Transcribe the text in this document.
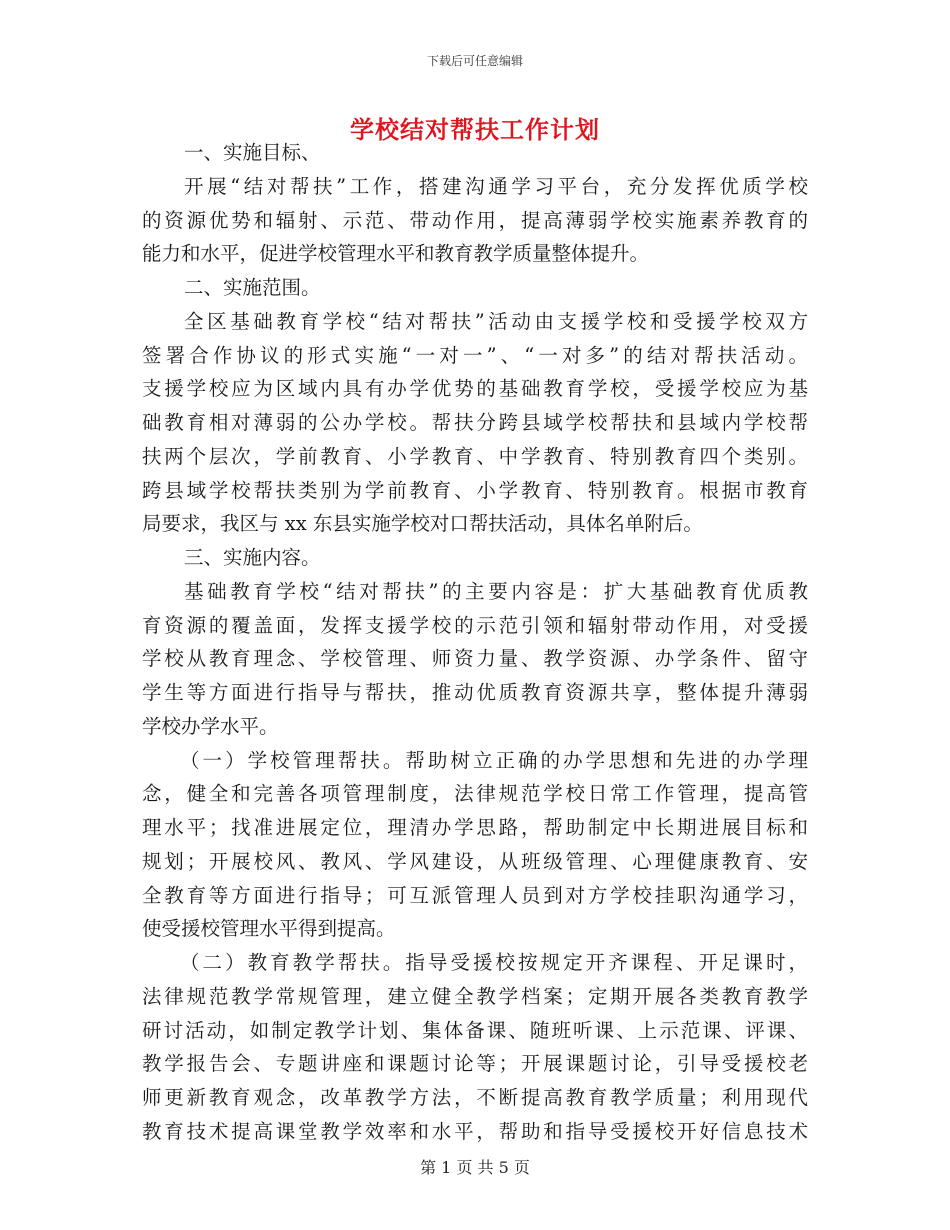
下载后可任意编辑
学校结对帮扶工作计划
一、实施目标、
开展“结对帮扶”工作，搭建沟通学习平台，充分发挥优质学校
的资源优势和辐射、示范、带动作用，提高薄弱学校实施素养教育的
能力和水平，促进学校管理水平和教育教学质量整体提升。
二、实施范围。
全区基础教育学校“结对帮扶”活动由支援学校和受援学校双方
签署合作协议的形式实施“一对一”、“一对多”的结对帮扶活动。
支援学校应为区域内具有办学优势的基础教育学校，受援学校应为基
础教育相对薄弱的公办学校。帮扶分跨县域学校帮扶和县域内学校帮
扶两个层次，学前教育、小学教育、中学教育、特别教育四个类别。
跨县域学校帮扶类别为学前教育、小学教育、特别教育。根据市教育
局要求，我区与 xx 东县实施学校对口帮扶活动，具体名单附后。
三、实施内容。
基础教育学校“结对帮扶”的主要内容是：扩大基础教育优质教
育资源的覆盖面，发挥支援学校的示范引领和辐射带动作用，对受援
学校从教育理念、学校管理、师资力量、教学资源、办学条件、留守
学生等方面进行指导与帮扶，推动优质教育资源共享，整体提升薄弱
学校办学水平。
（一）学校管理帮扶。帮助树立正确的办学思想和先进的办学理
念，健全和完善各项管理制度，法律规范学校日常工作管理，提高管
理水平；找准进展定位，理清办学思路，帮助制定中长期进展目标和
规划；开展校风、教风、学风建设，从班级管理、心理健康教育、安
全教育等方面进行指导；可互派管理人员到对方学校挂职沟通学习，
使受援校管理水平得到提高。
（二）教育教学帮扶。指导受援校按规定开齐课程、开足课时，
法律规范教学常规管理，建立健全教学档案；定期开展各类教育教学
研讨活动，如制定教学计划、集体备课、随班听课、上示范课、评课、
教学报告会、专题讲座和课题讨论等；开展课题讨论，引导受援校老
师更新教育观念，改革教学方法，不断提高教育教学质量；利用现代
教育技术提高课堂教学效率和水平，帮助和指导受援校开好信息技术
第 1 页 共 5 页
